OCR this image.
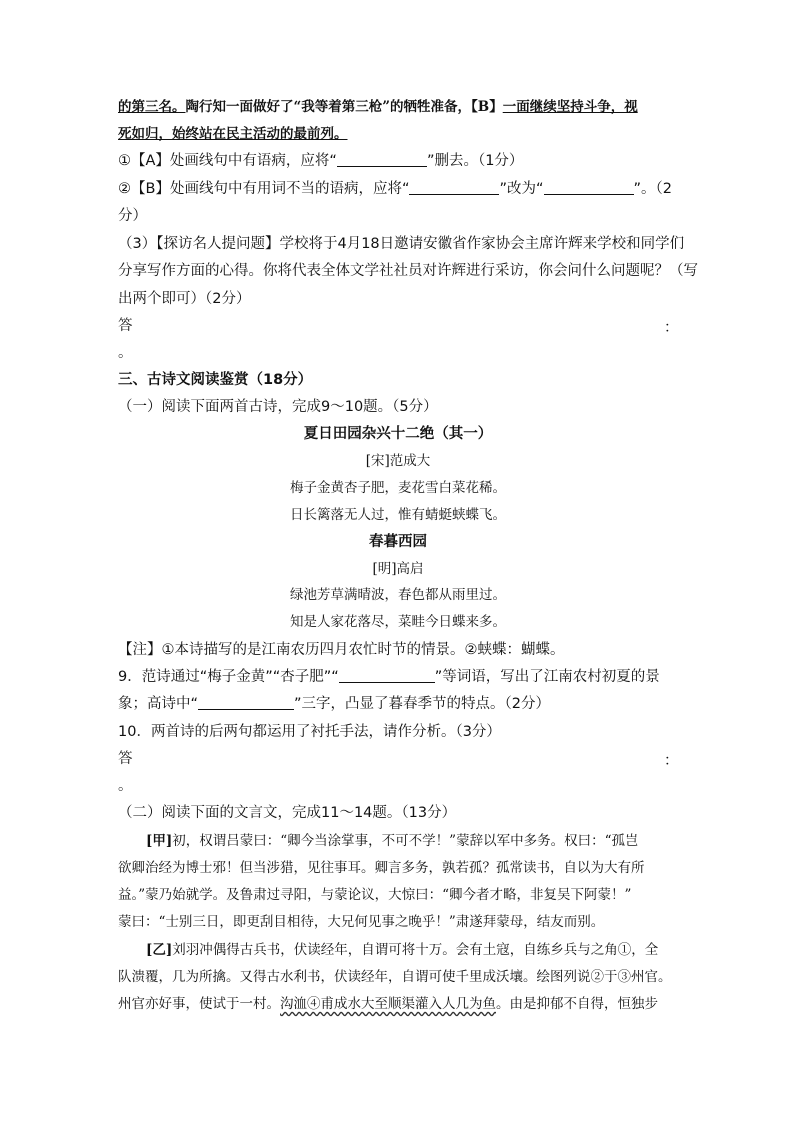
的第三名。陶行知一面做好了“我等着第三枪”的牺牲准备，【B】一面继续坚持斗争，视
死如归，始终站在民主活动的最前列。
①【A】处画线句中有语病，应将“	”删去。（1分）
②【B】处画线句中有用词不当的语病，应将“	”改为“	”。（2
分）
（3）【探访名人提问题】学校将于4月18日邀请安徽省作家协会主席许辉来学校和同学们
分享写作方面的心得。你将代表全体文学社社员对许辉进行采访，你会问什么问题呢？（写
出两个即可）（2分）
答	：
。
三、古诗文阅读鉴赏（18分）
（一）阅读下面两首古诗，完成9～10题。（5分）
夏日田园杂兴十二绝（其一）
[宋]范成大
梅子金黄杏子肥，麦花雪白菜花稀。
日长篱落无人过，惟有蜻蜓蛱蝶飞。
春暮西园
[明]高启
绿池芳草满晴波，春色都从雨里过。
知是人家花落尽，菜畦今日蝶来多。
【注】①本诗描写的是江南农历四月农忙时节的情景。②蛱蝶：蝴蝶。
9．范诗通过“梅子金黄”“杏子肥”“	”等词语，写出了江南农村初夏的景
象；高诗中“	”三字，凸显了暮春季节的特点。（2分）
10．两首诗的后两句都运用了衬托手法，请作分析。（3分）
答	：
。
（二）阅读下面的文言文，完成11～14题。（13分）
[甲]初，权谓吕蒙曰：“卿今当涂掌事，不可不学！”蒙辞以军中多务。权曰：“孤岂
欲卿治经为博士邪！但当涉猎，见往事耳。卿言多务，孰若孤？孤常读书，自以为大有所
益。”蒙乃始就学。及鲁肃过寻阳，与蒙论议，大惊曰：“卿今者才略，非复吴下阿蒙！”
蒙曰：“士别三日，即更刮目相待，大兄何见事之晚乎！”肃遂拜蒙母，结友而别。
[乙]刘羽冲偶得古兵书，伏读经年，自谓可将十万。会有土寇，自练乡兵与之角①，全
队溃覆，几为所擒。又得古水利书，伏读经年，自谓可使千里成沃壤。绘图列说②于③州官。
州官亦好事，使试于一村。沟洫④甫成水大至顺渠灌入人几为鱼。由是抑郁不自得，恒独步
